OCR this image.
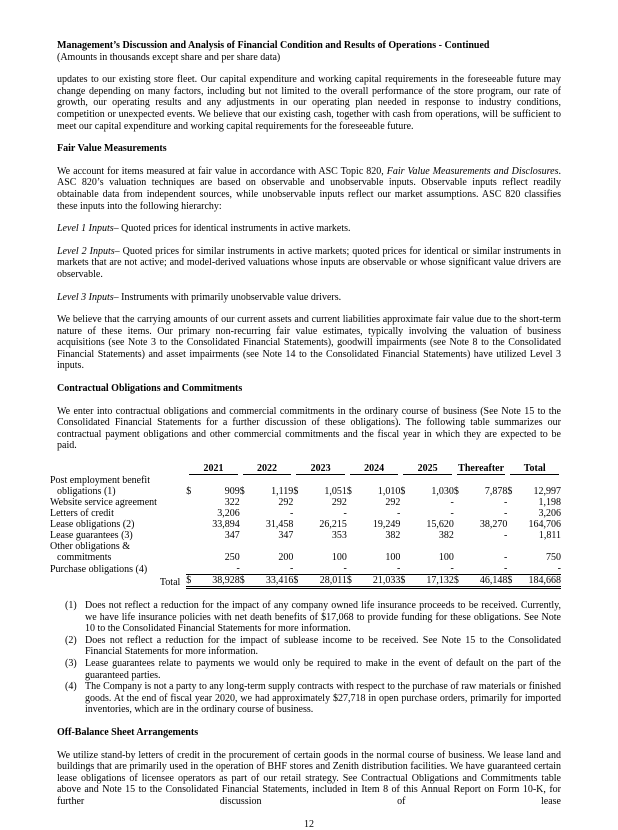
Management’s Discussion and Analysis of Financial Condition and Results of Operations - Continued
(Amounts in thousands except share and per share data)

updates to our existing store fleet. Our capital expenditure and working capital requirements in the foreseeable future may change depending on many factors, including but not limited to the overall performance of the store program, our rate of growth, our operating results and any adjustments in our operating plan needed in response to industry conditions, competition or unexpected events. We believe that our existing cash, together with cash from operations, will be sufficient to meet our capital expenditure and working capital requirements for the foreseeable future.

Fair Value Measurements

We account for items measured at fair value in accordance with ASC Topic 820, Fair Value Measurements and Disclosures. ASC 820’s valuation techniques are based on observable and unobservable inputs. Observable inputs reflect readily obtainable data from independent sources, while unobservable inputs reflect our market assumptions. ASC 820 classifies these inputs into the following hierarchy:

Level 1 Inputs– Quoted prices for identical instruments in active markets.

Level 2 Inputs– Quoted prices for similar instruments in active markets; quoted prices for identical or similar instruments in markets that are not active; and model-derived valuations whose inputs are observable or whose significant value drivers are observable.

Level 3 Inputs– Instruments with primarily unobservable value drivers.

We believe that the carrying amounts of our current assets and current liabilities approximate fair value due to the short-term nature of these items. Our primary non-recurring fair value estimates, typically involving the valuation of business acquisitions (see Note 3 to the Consolidated Financial Statements), goodwill impairments (see Note 8 to the Consolidated Financial Statements) and asset impairments (see Note 14 to the Consolidated Financial Statements) have utilized Level 3 inputs.

Contractual Obligations and Commitments

We enter into contractual obligations and commercial commitments in the ordinary course of business (See Note 15 to the Consolidated Financial Statements for a further discussion of these obligations). The following table summarizes our contractual payment obligations and other commercial commitments and the fiscal year in which they are expected to be paid.

	2021		2022		2023		2024		2025		Thereafter		Total	

Post employment benefit obligations (1)	$	909	$	1,119	$	1,051	$	1,010	$	1,030	$	7,878	$	12,997
Website service agreement		322		292		292		292		-		-		1,198
Letters of credit		3,206		-		-		-		-		-		3,206
Lease obligations (2)		33,894		31,458		26,215		19,249		15,620		38,270		164,706
Lease guarantees (3)		347		347		353		382		382		-		1,811
Other obligations & commitments		250		200		100		100		100		-		750
Purchase obligations (4)		-		-		-		-		-		-		-
Total	$	38,928	$	33,416	$	28,011	$	21,033	$	17,132	$	46,148	$	184,668
(1) Does not reflect a reduction for the impact of any company owned life insurance proceeds to be received. Currently, we have life insurance policies with net death benefits of $17,068 to provide funding for these obligations. See Note 10 to the Consolidated Financial Statements for more information.
(2) Does not reflect a reduction for the impact of sublease income to be received. See Note 15 to the Consolidated Financial Statements for more information.
(3) Lease guarantees relate to payments we would only be required to make in the event of default on the part of the guaranteed parties.
(4) The Company is not a party to any long-term supply contracts with respect to the purchase of raw materials or finished goods. At the end of fiscal year 2020, we had approximately $27,718 in open purchase orders, primarily for imported inventories, which are in the ordinary course of business.
Off-Balance Sheet Arrangements

We utilize stand-by letters of credit in the procurement of certain goods in the normal course of business. We lease land and buildings that are primarily used in the operation of BHF stores and Zenith distribution facilities. We have guaranteed certain lease obligations of licensee operators as part of our retail strategy. See Contractual Obligations and Commitments table above and Note 15 to the Consolidated Financial Statements, included in Item 8 of this Annual Report on Form 10-K, for further discussion of lease

12
